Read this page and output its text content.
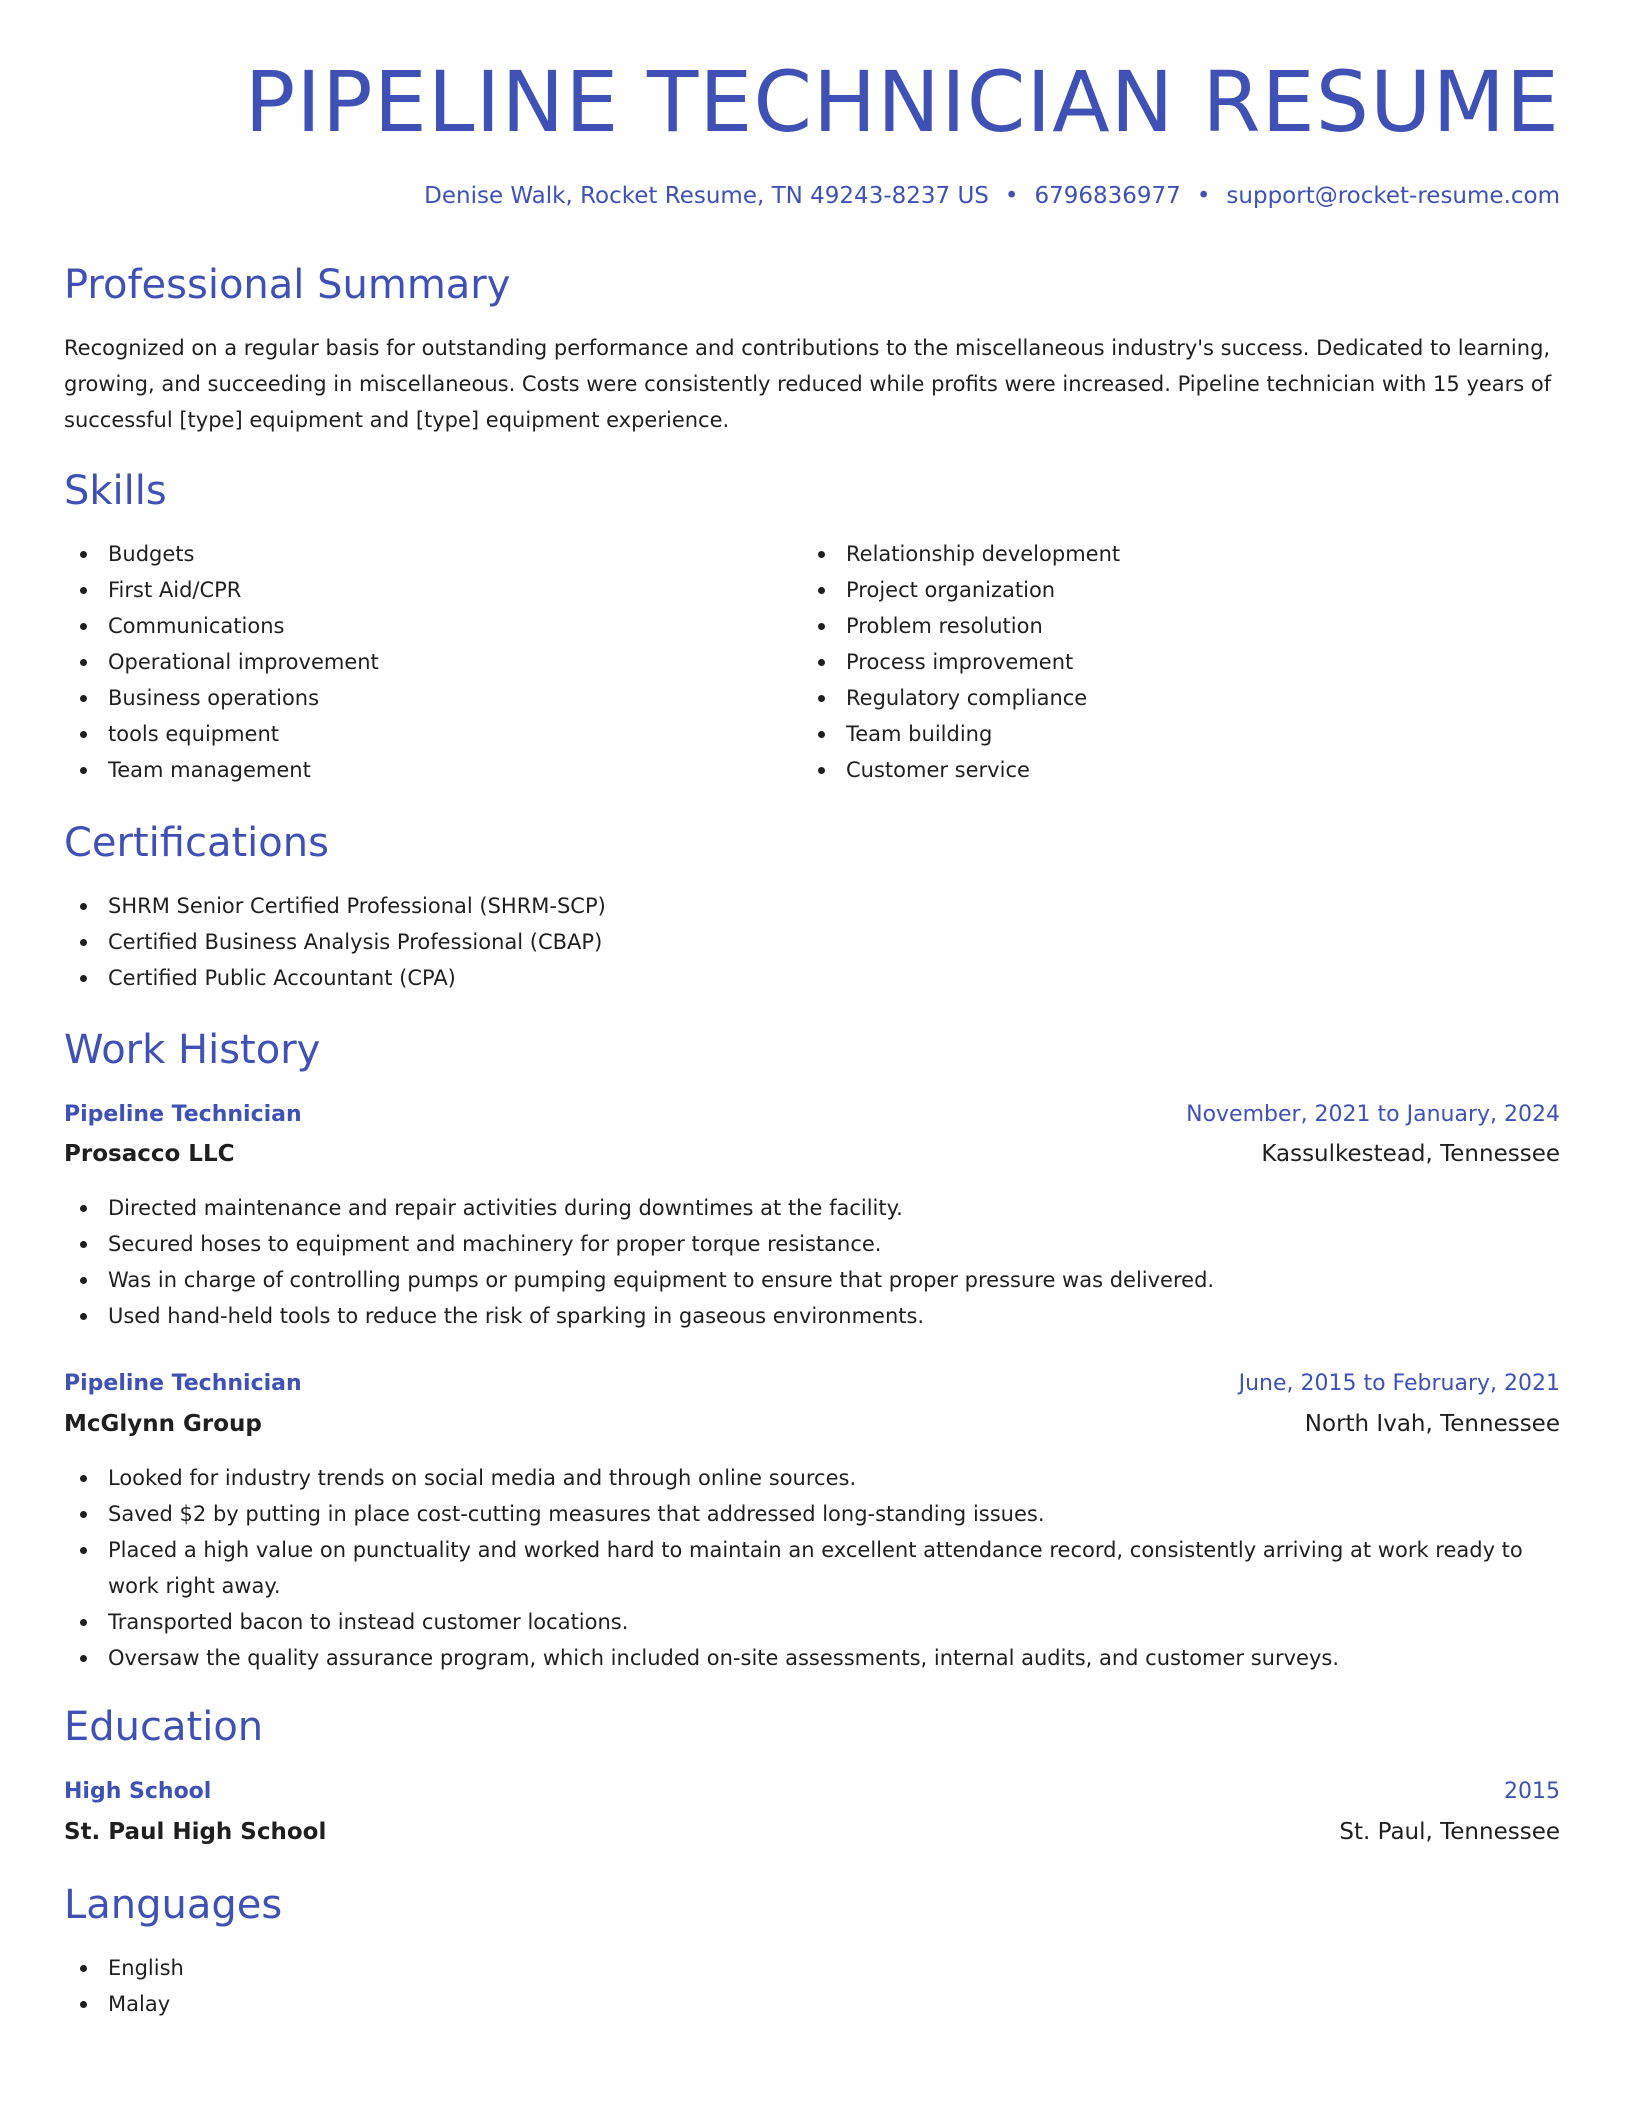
PIPELINE TECHNICIAN RESUME
Denise Walk, Rocket Resume, TN 49243-8237 US • 6796836977 • support@rocket-resume.com
Professional Summary

Recognized on a regular basis for outstanding performance and contributions to the miscellaneous industry's success. Dedicated to learning, growing, and succeeding in miscellaneous. Costs were consistently reduced while profits were increased. Pipeline technician with 15 years of successful [type] equipment and [type] equipment experience.

Skills
Budgets
First Aid/CPR
Communications
Operational improvement
Business operations
tools equipment
Team management
Relationship development
Project organization
Problem resolution
Process improvement
Regulatory compliance
Team building
Customer service
Certifications
SHRM Senior Certified Professional (SHRM-SCP)
Certified Business Analysis Professional (CBAP)
Certified Public Accountant (CPA)
Work History
Pipeline Technician	November, 2021 to January, 2024
Prosacco LLC	Kassulkestead, Tennessee
Directed maintenance and repair activities during downtimes at the facility.
Secured hoses to equipment and machinery for proper torque resistance.
Was in charge of controlling pumps or pumping equipment to ensure that proper pressure was delivered.
Used hand-held tools to reduce the risk of sparking in gaseous environments.
Pipeline Technician	June, 2015 to February, 2021
McGlynn Group	North Ivah, Tennessee
Looked for industry trends on social media and through online sources.
Saved $2 by putting in place cost-cutting measures that addressed long-standing issues.
Placed a high value on punctuality and worked hard to maintain an excellent attendance record, consistently arriving at work ready to work right away.
Transported bacon to instead customer locations.
Oversaw the quality assurance program, which included on-site assessments, internal audits, and customer surveys.
Education
High School	2015
St. Paul High School	St. Paul, Tennessee
Languages
English
Malay
